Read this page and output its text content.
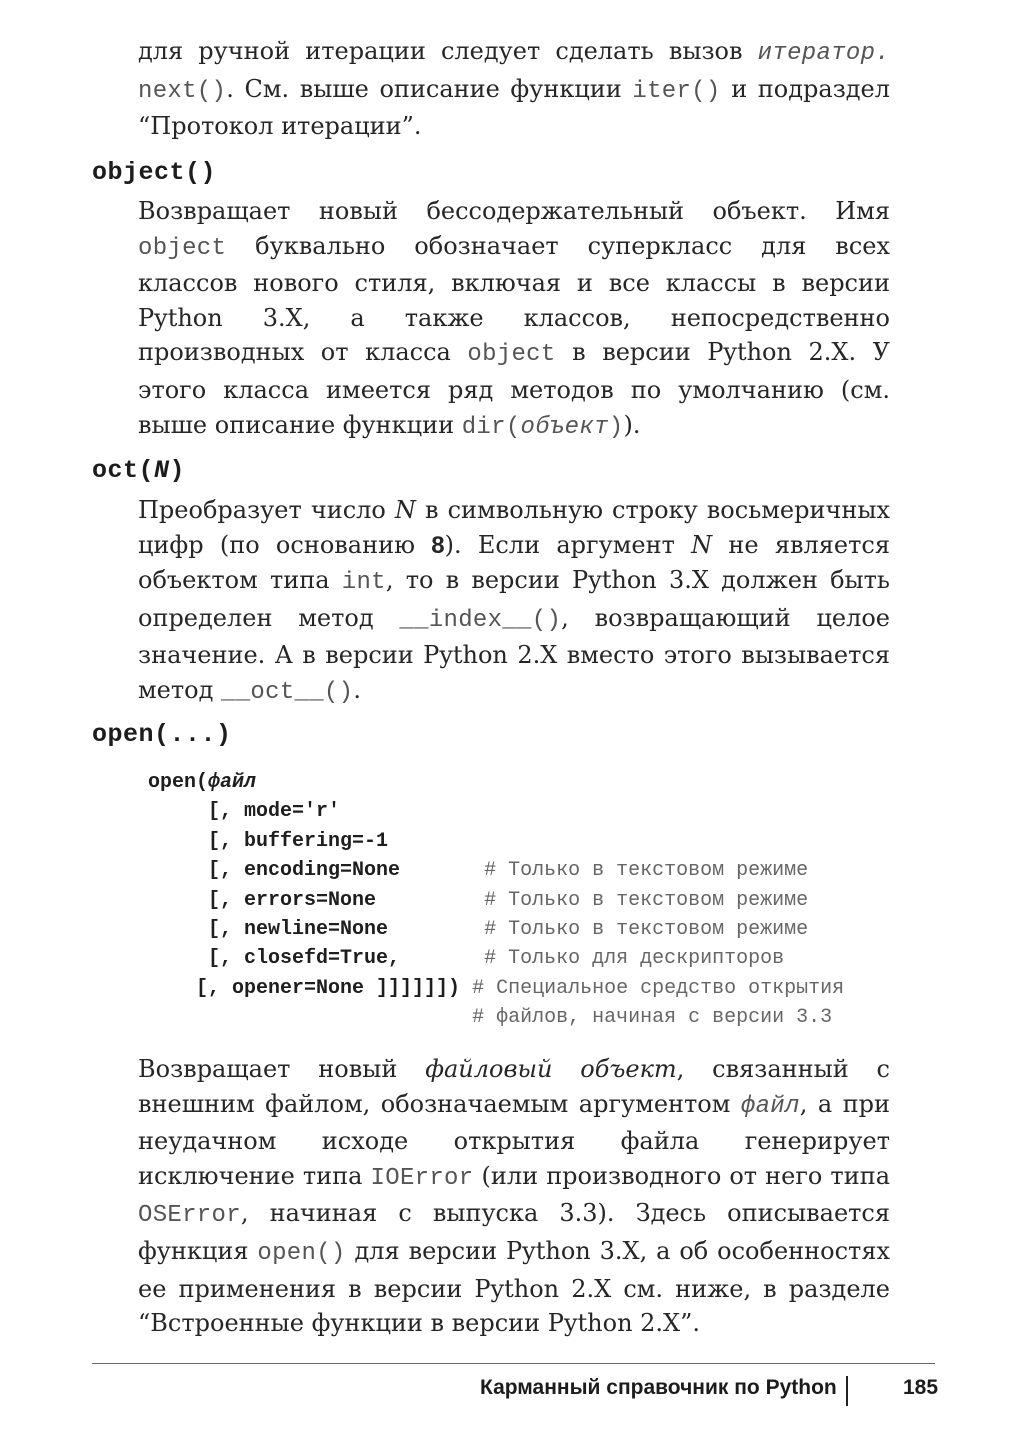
для ручной итерации следует сделать вызов итератор. next(). См. выше описание функции iter() и подраздел “Протокол итерации”.

object()

Возвращает новый бессодержательный объект. Имя object буквально обозначает суперкласс для всех классов нового стиля, включая и все классы в версии Python 3.X, а также классов, непосредственно производных от класса object в версии Python 2.X. У этого класса имеется ряд методов по умолчанию (см. выше описание функции dir(объект)).

oct(N)

Преобразует число N в символьную строку восьмеричных цифр (по основанию 8). Если аргумент N не является объектом типа int, то в версии Python 3.X должен быть определен метод __index__(), возвращающий целое значение. А в версии Python 2.X вместо этого вызывается метод __oct__().

open(...)
open(файл
[, mode='r'
[, buffering=-1
[, encoding=None       # Только в текстовом режиме
[, errors=None         # Только в текстовом режиме
[, newline=None        # Только в текстовом режиме
[, closefd=True,       # Только для дескрипторов
[, opener=None ]]]]]]) # Специальное средство открытия
# файлов, начиная с версии 3.3

Возвращает новый файловый объект, связанный с внешним файлом, обозначаемым аргументом файл, а при неудачном исходе открытия файла генерирует исключение типа IOError (или производного от него типа OSError, начиная с выпуска 3.3). Здесь описывается функция open() для версии Python 3.X, а об особенностях ее применения в версии Python 2.X см. ниже, в разделе “Встроенные функции в версии Python 2.X”.

Карманный справочник по Python	185
